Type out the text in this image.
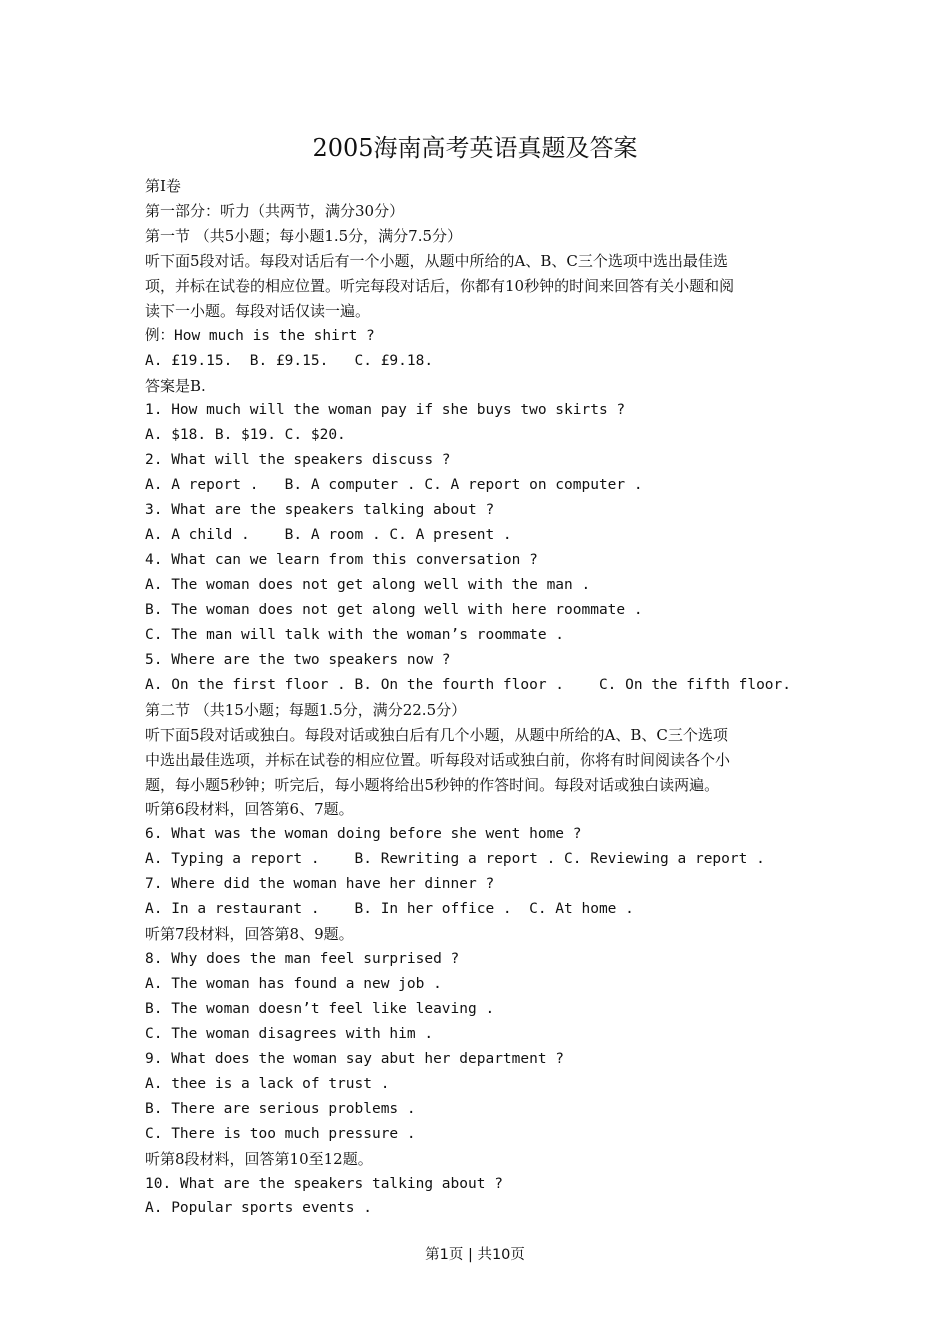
2005海南高考英语真题及答案
第Ⅰ卷
第一部分：听力（共两节，满分30分）
第一节 （共5小题；每小题1.5分，满分7.5分）
听下面5段对话。每段对话后有一个小题，从题中所给的A、B、C三个选项中选出最佳选
项，并标在试卷的相应位置。听完每段对话后，你都有10秒钟的时间来回答有关小题和阅
读下一小题。每段对话仅读一遍。
例：How much is the shirt ?
A. £19.15.  B. £9.15.   C. £9.18.
答案是B.
1. How much will the woman pay if she buys two skirts ?
A. $18. B. $19. C. $20.
2. What will the speakers discuss ?
A. A report .   B. A computer . C. A report on computer .
3. What are the speakers talking about ?
A. A child .    B. A room . C. A present .
4. What can we learn from this conversation ?
A. The woman does not get along well with the man .
B. The woman does not get along well with here roommate .
C. The man will talk with the woman’s roommate .
5. Where are the two speakers now ?
A. On the first floor . B. On the fourth floor .    C. On the fifth floor.
第二节 （共15小题；每题1.5分，满分22.5分）
听下面5段对话或独白。每段对话或独白后有几个小题，从题中所给的A、B、C三个选项
中选出最佳选项，并标在试卷的相应位置。听每段对话或独白前，你将有时间阅读各个小
题，每小题5秒钟；听完后，每小题将给出5秒钟的作答时间。每段对话或独白读两遍。
听第6段材料，回答第6、7题。
6. What was the woman doing before she went home ?
A. Typing a report .    B. Rewriting a report . C. Reviewing a report .
7. Where did the woman have her dinner ?
A. In a restaurant .    B. In her office .  C. At home .
听第7段材料，回答第8、9题。
8. Why does the man feel surprised ?
A. The woman has found a new job .
B. The woman doesn’t feel like leaving .
C. The woman disagrees with him .
9. What does the woman say abut her department ?
A. thee is a lack of trust .
B. There are serious problems .
C. There is too much pressure .
听第8段材料，回答第10至12题。
10. What are the speakers talking about ?
A. Popular sports events .
第1页 | 共10页
